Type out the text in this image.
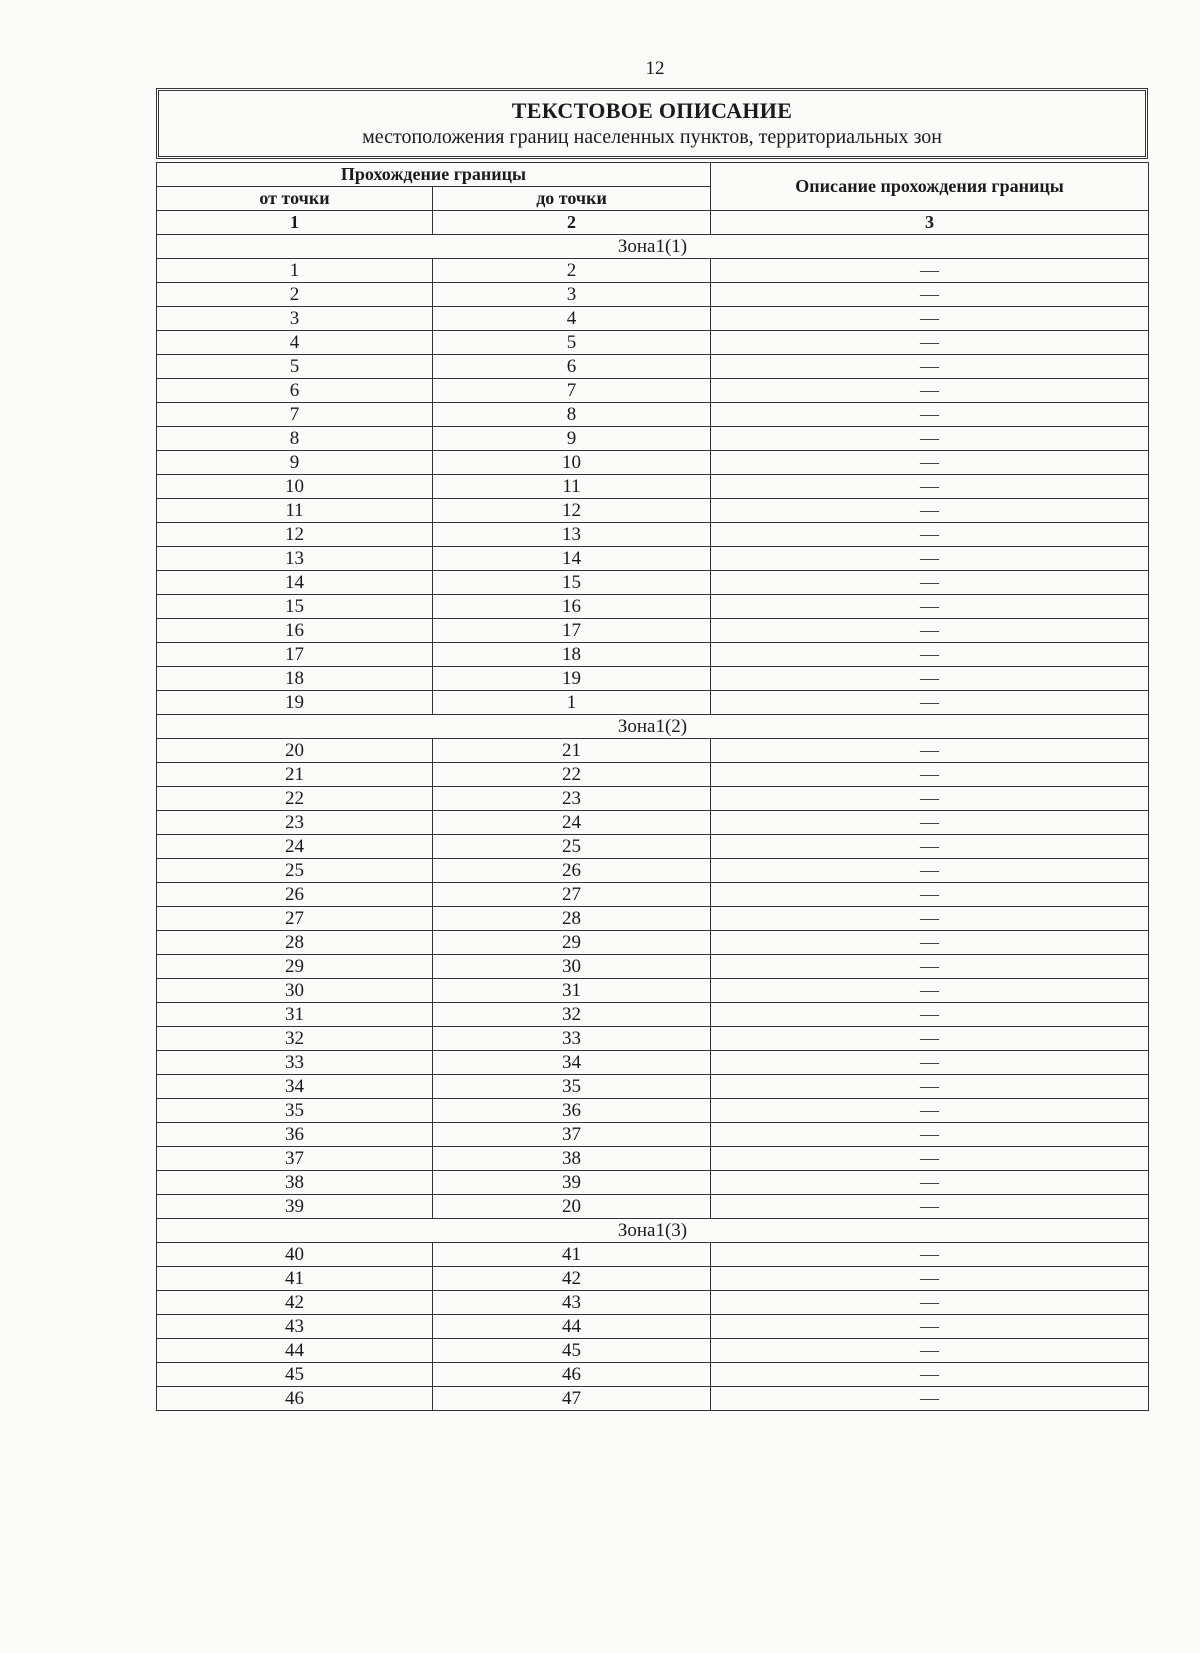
12
ТЕКСТОВОЕ ОПИСАНИЕ
местоположения границ населенных пунктов, территориальных зон
Прохождение границы		Описание прохождения границы
от точки	до точки	
1	2	3
Зона1(1)		
1	2	—
2	3	—
3	4	—
4	5	—
5	6	—
6	7	—
7	8	—
8	9	—
9	10	—
10	11	—
11	12	—
12	13	—
13	14	—
14	15	—
15	16	—
16	17	—
17	18	—
18	19	—
19	1	—
Зона1(2)		
20	21	—
21	22	—
22	23	—
23	24	—
24	25	—
25	26	—
26	27	—
27	28	—
28	29	—
29	30	—
30	31	—
31	32	—
32	33	—
33	34	—
34	35	—
35	36	—
36	37	—
37	38	—
38	39	—
39	20	—
Зона1(3)		
40	41	—
41	42	—
42	43	—
43	44	—
44	45	—
45	46	—
46	47	—
